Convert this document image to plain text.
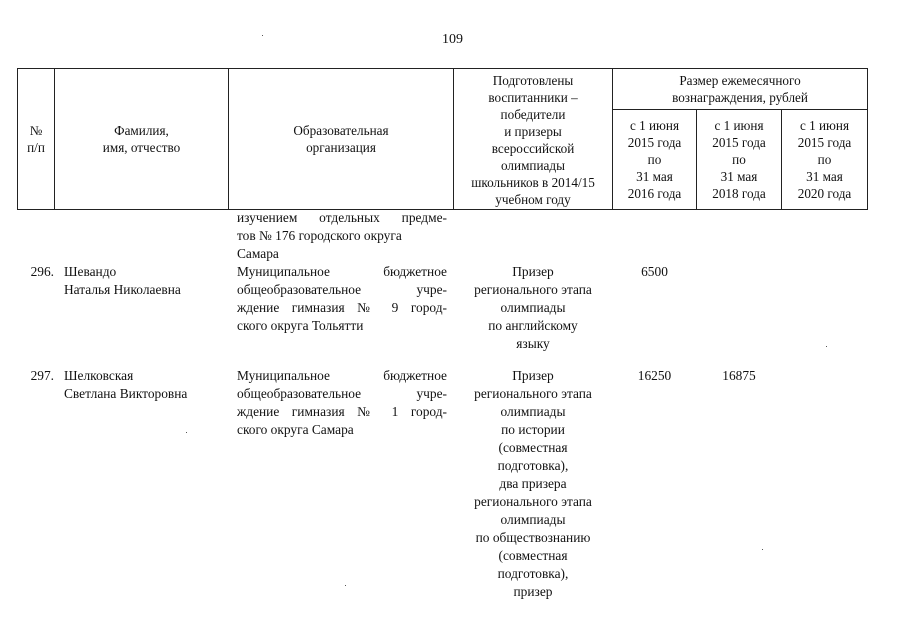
109
№
п/п
Фамилия,
имя, отчество
Образовательная
организация
Подготовлены
воспитанники –
победители
и призеры
всероссийской
олимпиады
школьников в 2014/15
учебном году
Размер ежемесячного
вознаграждения, рублей
с 1 июня
2015 года
по
31 мая
2016 года
с 1 июня
2015 года
по
31 мая
2018 года
с 1 июня
2015 года
по
31 мая
2020 года
изучением отдельных предме-
тов № 176 городского округа
Самара
296. Шевандо
Наталья Николаевна
Муниципальное бюджетное
общеобразовательное учре-
ждение гимназия № 9 город-
ского округа Тольятти
Призер
регионального этапа
олимпиады
по английскому
языку
6500
297. Шелковская
Светлана Викторовна
Муниципальное бюджетное
общеобразовательное учре-
ждение гимназия № 1 город-
ского округа Самара
Призер
регионального этапа
олимпиады
по истории
(совместная
подготовка),
два призера
регионального этапа
олимпиады
по обществознанию
(совместная
подготовка),
призер
16250	16875
